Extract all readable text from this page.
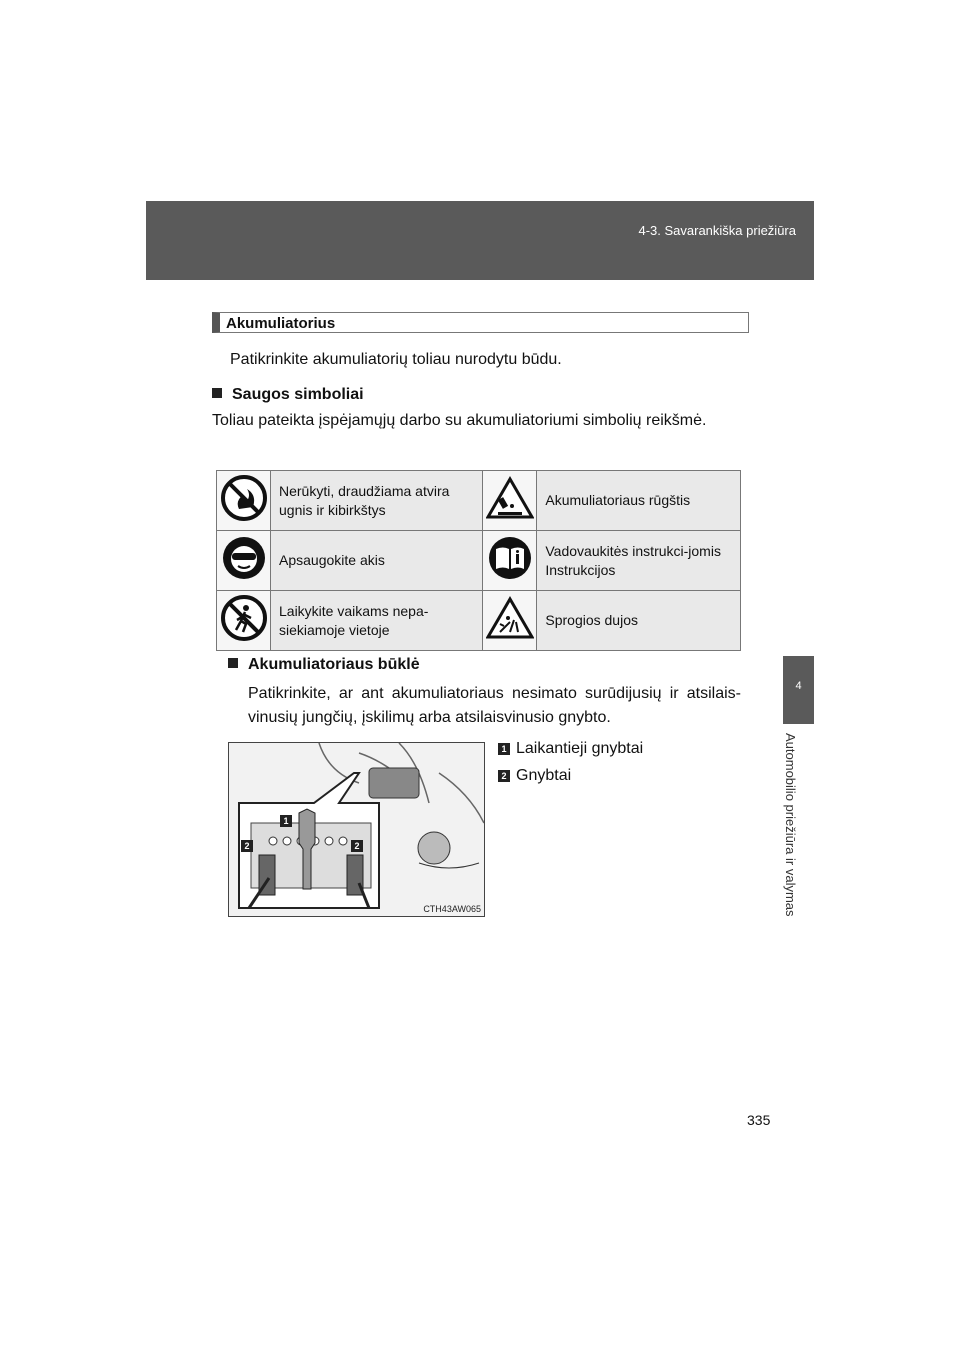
4-3. Savarankiška priežiūra
4
Automobilio priežiūra ir valymas
Akumuliatorius
Patikrinkite akumuliatorių toliau nurodytu būdu.
Saugos simboliai
Toliau pateikta įspėjamųjų darbo su akumuliatoriumi simbolių reikšmė.
	Nerūkyti, draudžiama atvira ugnis ir kibirkštys		Akumuliatoriaus rūgštis
	Apsaugokite akis		Vadovaukitės instrukci-jomis Instrukcijos
	Laikykite vaikams nepa-siekiamoje vietoje		Sprogios dujos
Akumuliatoriaus būklė
Patikrinkite, ar ant akumuliatoriaus nesimato surūdijusių ir atsilais-vinusių jungčių, įskilimų arba atsilaisvinusio gnybto.
1
2	2
CTH43AW065
1 Laikantieji gnybtai
2 Gnybtai
335
